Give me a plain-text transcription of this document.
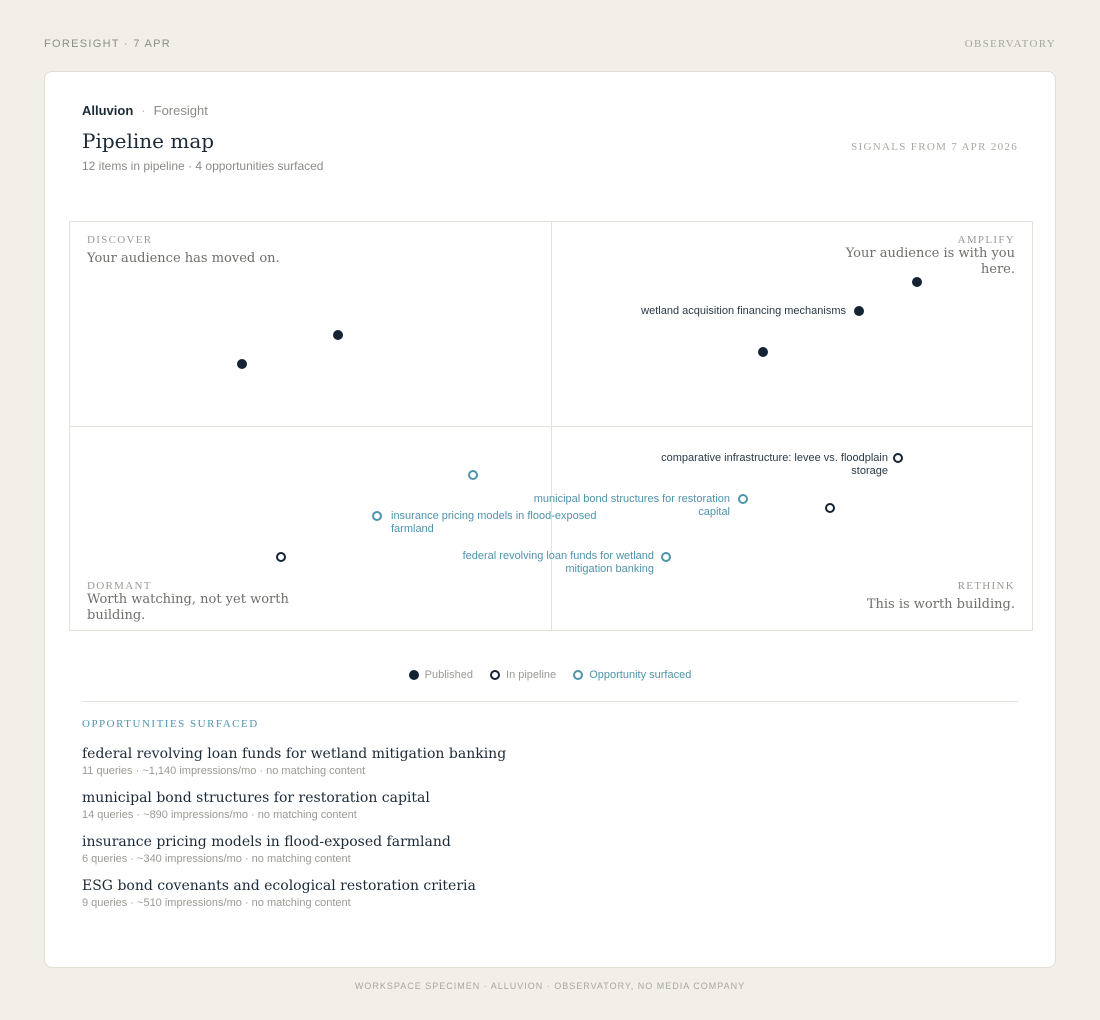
FORESIGHT · 7 APR	OBSERVATORY
Alluvion · Foresight
Pipeline map
12 items in pipeline · 4 opportunities surfaced
SIGNALS FROM 7 APR 2026
DISCOVER
Your audience has moved on.
AMPLIFY
Your audience is with you here.
DORMANT
Worth watching, not yet worth building.
RETHINK
This is worth building.
wetland acquisition financing mechanisms
comparative infrastructure: levee vs. floodplain storage
municipal bond structures for restoration capital
insurance pricing models in flood-exposed farmland
federal revolving loan funds for wetland mitigation banking
Published
	In pipeline
	Opportunity surfaced
OPPORTUNITIES SURFACED
federal revolving loan funds for wetland mitigation banking
11 queries · ~1,140 impressions/mo · no matching content
municipal bond structures for restoration capital
14 queries · ~890 impressions/mo · no matching content
insurance pricing models in flood-exposed farmland
6 queries · ~340 impressions/mo · no matching content
ESG bond covenants and ecological restoration criteria
9 queries · ~510 impressions/mo · no matching content
WORKSPACE SPECIMEN · ALLUVION · OBSERVATORY, NO MEDIA COMPANY
